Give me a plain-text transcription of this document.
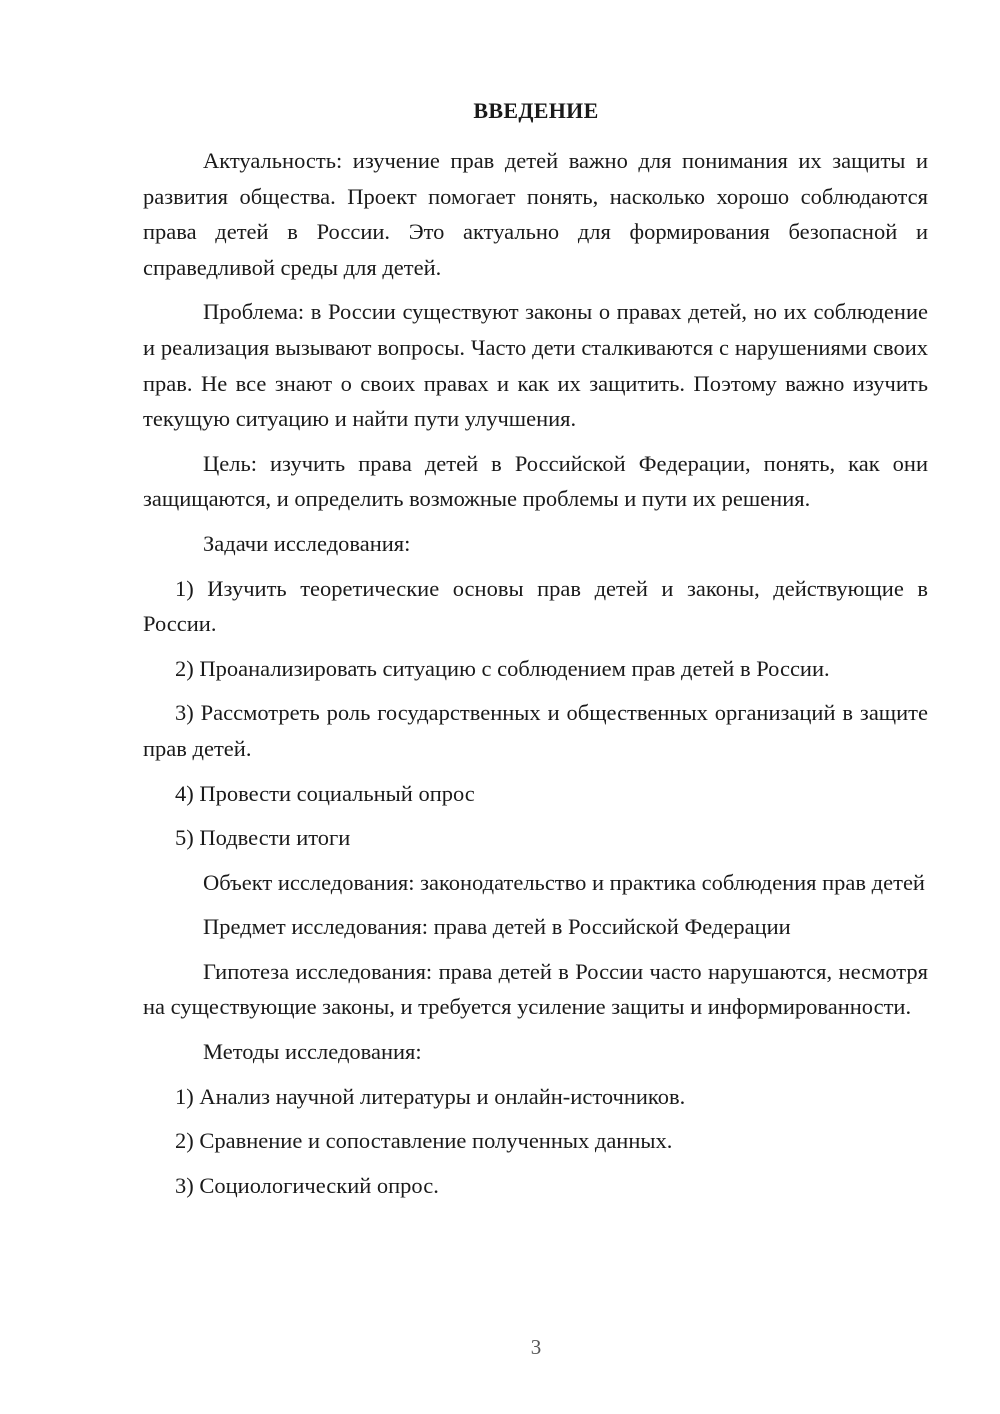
ВВЕДЕНИЕ

Актуальность: изучение прав детей важно для понимания их защиты и развития общества. Проект помогает понять, насколько хорошо соблюдаются права детей в России. Это актуально для формирования безопасной и справедливой среды для детей.

Проблема: в России существуют законы о правах детей, но их соблюдение и реализация вызывают вопросы. Часто дети сталкиваются с нарушениями своих прав. Не все знают о своих правах и как их защитить. Поэтому важно изучить текущую ситуацию и найти пути улучшения.

Цель: изучить права детей в Российской Федерации, понять, как они защищаются, и определить возможные проблемы и пути их решения.

Задачи исследования:

1) Изучить теоретические основы прав детей и законы, действующие в России.

2) Проанализировать ситуацию с соблюдением прав детей в России.

3) Рассмотреть роль государственных и общественных организаций в защите прав детей.

4) Провести социальный опрос

5) Подвести итоги

Объект исследования: законодательство и практика соблюдения прав детей

Предмет исследования: права детей в Российской Федерации

Гипотеза исследования: права детей в России часто нарушаются, несмотря на существующие законы, и требуется усиление защиты и информированности.

Методы исследования:

1) Анализ научной литературы и онлайн-источников.

2) Сравнение и сопоставление полученных данных.

3) Социологический опрос.

3
